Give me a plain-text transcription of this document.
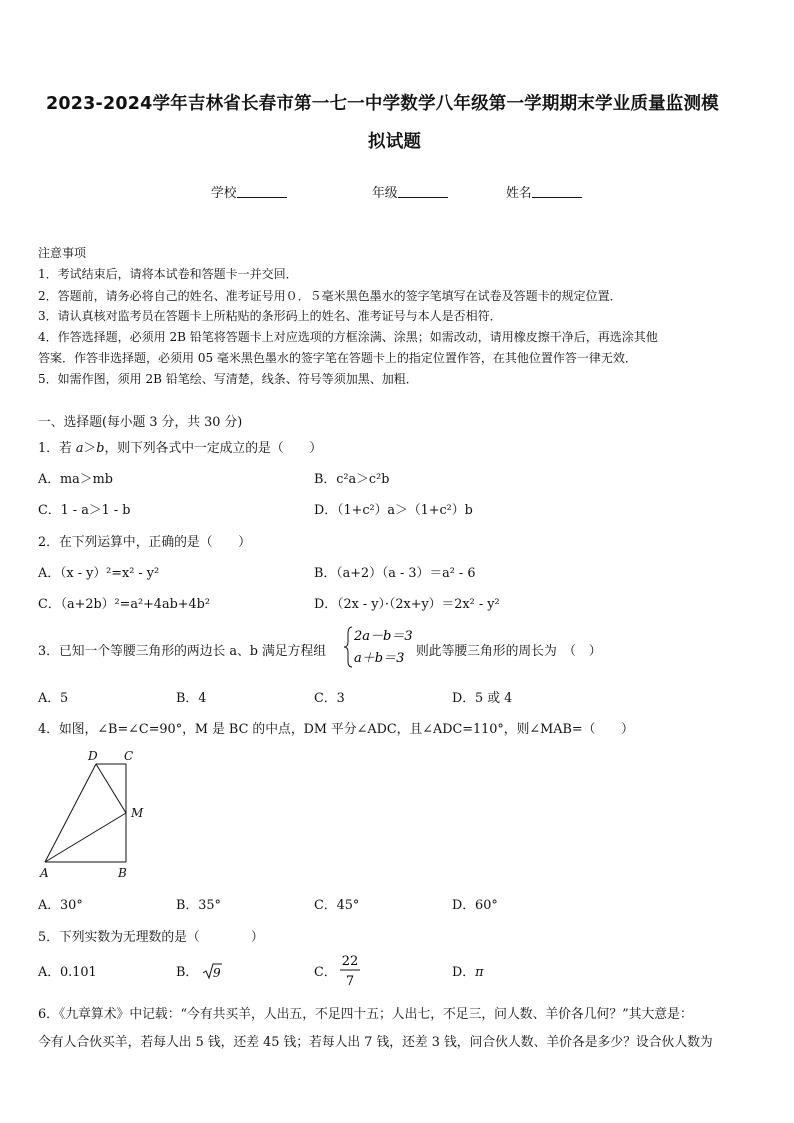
2023-2024学年吉林省长春市第一七一中学数学八年级第一学期期末学业质量监测模
拟试题
学校	年级	姓名
注意事项
1．考试结束后，请将本试卷和答题卡一并交回．
2．答题前，请务必将自己的姓名、准考证号用０．５毫米黑色墨水的签字笔填写在试卷及答题卡的规定位置．
3．请认真核对监考员在答题卡上所粘贴的条形码上的姓名、准考证号与本人是否相符．
4．作答选择题，必须用 2B 铅笔将答题卡上对应选项的方框涂满、涂黑；如需改动，请用橡皮擦干净后，再选涂其他
答案．作答非选择题，必须用 05 毫米黑色墨水的签字笔在答题卡上的指定位置作答，在其他位置作答一律无效．
5．如需作图，须用 2B 铅笔绘、写清楚，线条、符号等须加黑、加粗．
一、选择题(每小题 3 分，共 30 分)
1．若 a＞b，则下列各式中一定成立的是（　　）
A．ma＞mb	B．c²a＞c²b
C．1 - a＞1 - b	D．（1+c²）a＞（1+c²）b
2．在下列运算中，正确的是（　　）
A．（x - y）²=x² - y²	B．（a+2）（a - 3）＝a² - 6
C．（a+2b）²=a²+4ab+4b²	D．（2x - y）·（2x+y）＝2x² - y²
3．已知一个等腰三角形的两边长 a、b 满足方程组
2a－b＝3
a＋b＝3 则此等腰三角形的周长为　（　）
A．5	B．4	C．3	D．5 或 4
4．如图，∠B=∠C=90°，M 是 BC 的中点，DM 平分∠ADC，且∠ADC=110°，则∠MAB=（　　）
D C
M
A	B
A．30°	B．35°	C．45°	D．60°
5．下列实数为无理数的是（　　　　）
A．0.101	B． 9	C．
22
7
D．π
6．《九章算术》中记载：“今有共买羊，人出五，不足四十五；人出七，不足三，问人数、羊价各几何？”其大意是：
今有人合伙买羊，若每人出 5 钱，还差 45 钱；若每人出 7 钱，还差 3 钱，问合伙人数、羊价各是多少？设合伙人数为
